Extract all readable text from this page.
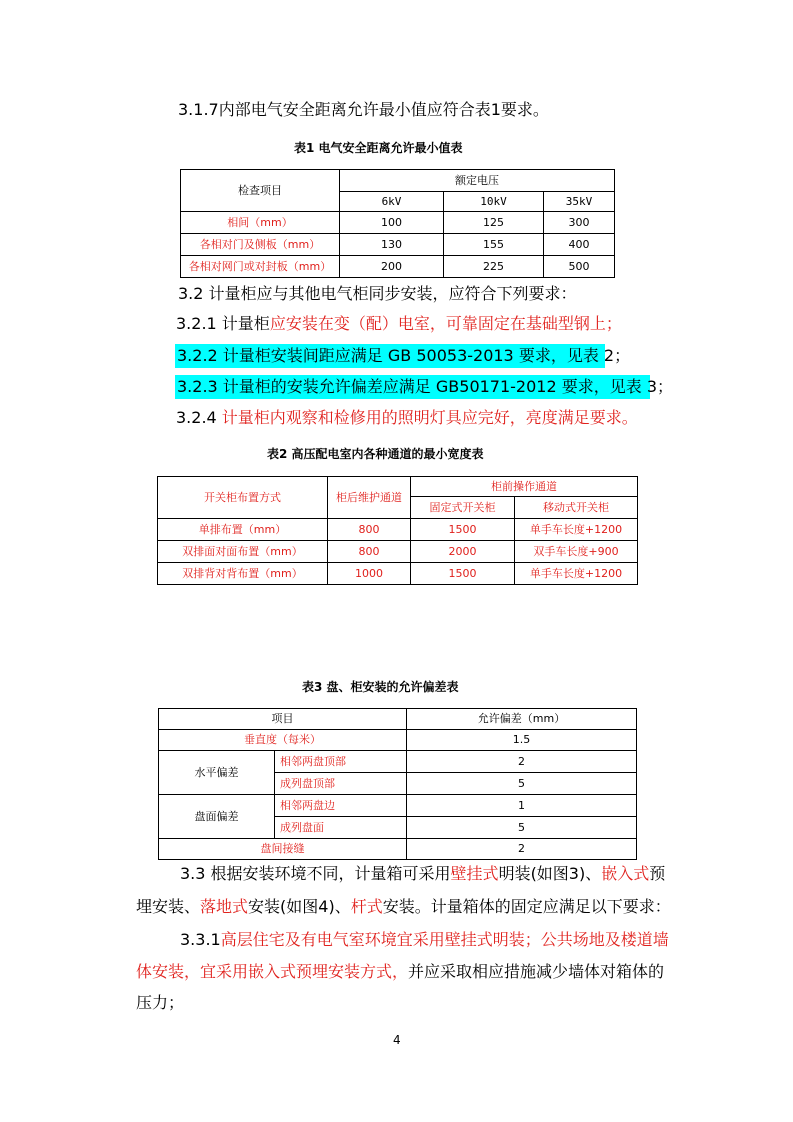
3.1.7内部电气安全距离允许最小值应符合表1要求。
表1 电气安全距离允许最小值表
检查项目	额定电压		
	6kV	10kV	35kV
相间（mm）	100	125	300
各相对门及侧板（mm）	130	155	400
各相对网门或对封板（mm）	200	225	500
3.2 计量柜应与其他电气柜同步安装，应符合下列要求：
3.2.1 计量柜应安装在变（配）电室，可靠固定在基础型钢上；
3.2.2 计量柜安装间距应满足 GB 50053-2013 要求，见表 2；
3.2.3 计量柜的安装允许偏差应满足 GB50171-2012 要求，见表 3；
3.2.4 计量柜内观察和检修用的照明灯具应完好，亮度满足要求。
表2 高压配电室内各种通道的最小宽度表
开关柜布置方式	柜后维护通道	柜前操作通道	
		固定式开关柜	移动式开关柜
单排布置（mm）	800	1500	单手车长度+1200
双排面对面布置（mm）	800	2000	双手车长度+900
双排背对背布置（mm）	1000	1500	单手车长度+1200
表3 盘、柜安装的允许偏差表
项目		允许偏差（mm）
垂直度（每米）		1.5
水平偏差	相邻两盘顶部	2
	成列盘顶部	5
盘面偏差	相邻两盘边	1
	成列盘面	5
盘间接缝		2
3.3 根据安装环境不同，计量箱可采用壁挂式明装(如图3)、嵌入式预
埋安装、落地式安装(如图4)、杆式安装。计量箱体的固定应满足以下要求：
3.3.1高层住宅及有电气室环境宜采用壁挂式明装；公共场地及楼道墙
体安装，宜采用嵌入式预埋安装方式，并应采取相应措施减少墙体对箱体的
压力；
4
